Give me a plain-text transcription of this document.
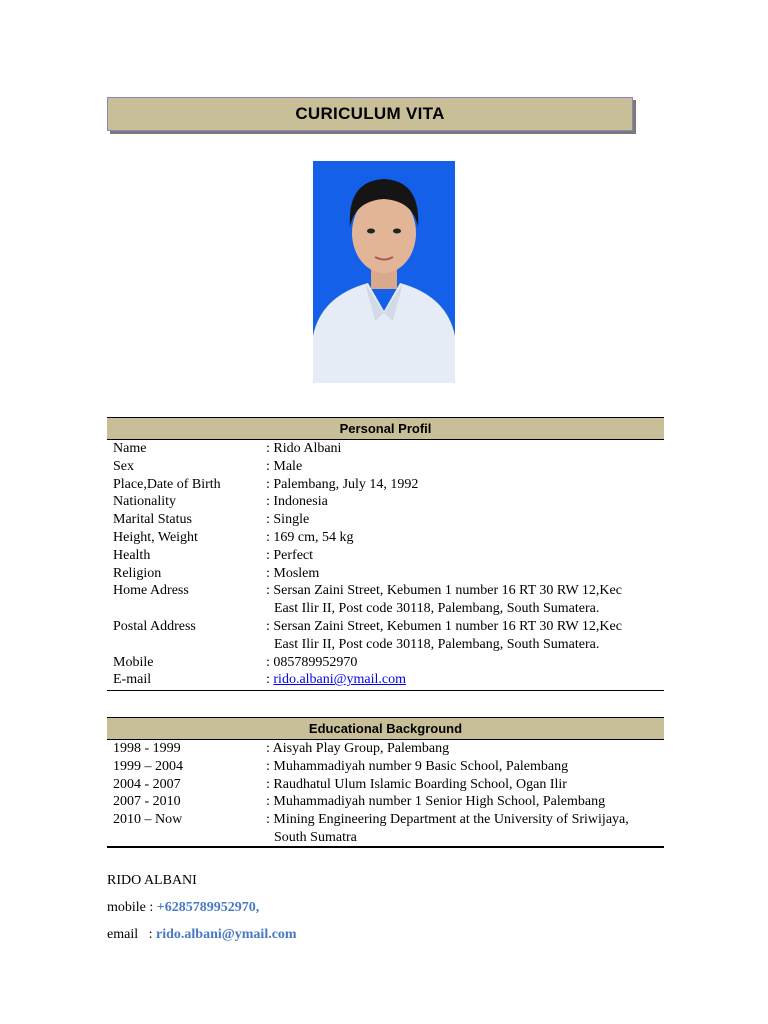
CURICULUM VITA
Personal Profil
Name	: Rido Albani
Sex	: Male
Place,Date of Birth	: Palembang, July 14, 1992
Nationality	: Indonesia
Marital Status	: Single
Height, Weight	: 169 cm, 54 kg
Health	: Perfect
Religion	: Moslem
Home Adress	: Sersan Zaini Street, Kebumen 1 number 16 RT 30 RW 12,Kec
East Ilir II, Post code 30118, Palembang, South Sumatera.
Postal Address	: Sersan Zaini Street, Kebumen 1 number 16 RT 30 RW 12,Kec
East Ilir II, Post code 30118, Palembang, South Sumatera.
Mobile	: 085789952970
E-mail	: rido.albani@ymail.com
Educational Background
1998 - 1999	: Aisyah Play Group, Palembang
1999 – 2004	: Muhammadiyah number 9 Basic School, Palembang
2004 - 2007	: Raudhatul Ulum Islamic Boarding School, Ogan Ilir
2007 - 2010	: Muhammadiyah number 1 Senior High School, Palembang
2010 – Now	: Mining Engineering Department at the University of Sriwijaya,
South Sumatra
RIDO ALBANI
mobile : +6285789952970,
email   : rido.albani@ymail.com
